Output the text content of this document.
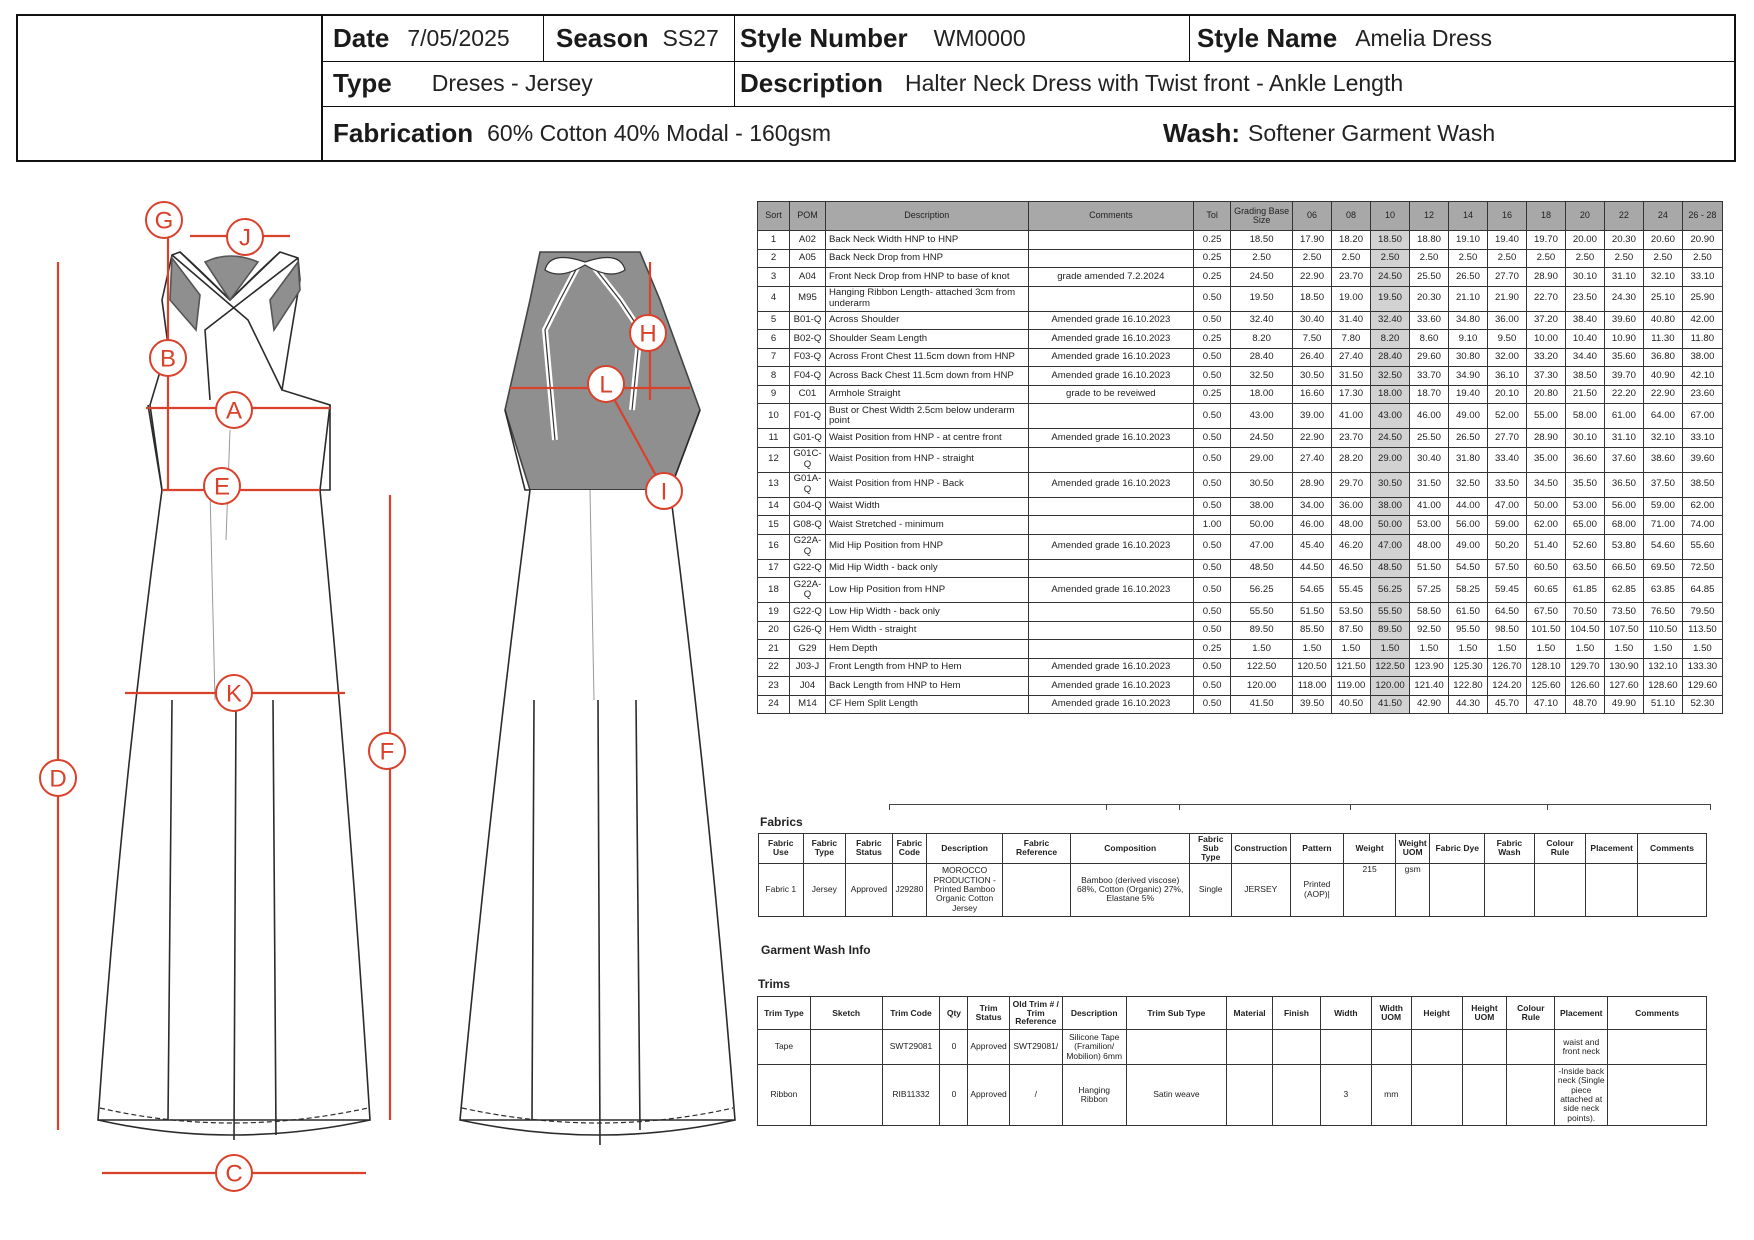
Date 7/05/2025 Season SS27 Style Number WM0000	Style Name Amelia Dress
Type Dreses - Jersey	Description Halter Neck Dress with Twist front - Ankle Length
Fabrication 60% Cotton 40% Modal - 160gsm	Wash: Softener Garment Wash
G
J
B
A
E
K
D
F
C
H
L
I
Sort	POM	Description	Comments	Tol	Grading Base Size	06	08	10	12	14	16	18	20	22	24	26 - 28
1	A02	Back Neck Width HNP to HNP		0.25	18.50	17.90	18.20	18.50	18.80	19.10	19.40	19.70	20.00	20.30	20.60	20.90
2	A05	Back Neck Drop from HNP		0.25	2.50	2.50	2.50	2.50	2.50	2.50	2.50	2.50	2.50	2.50	2.50	2.50
3	A04	Front Neck Drop from HNP to base of knot	grade amended 7.2.2024	0.25	24.50	22.90	23.70	24.50	25.50	26.50	27.70	28.90	30.10	31.10	32.10	33.10
4	M95	Hanging Ribbon Length- attached 3cm from underarm		0.50	19.50	18.50	19.00	19.50	20.30	21.10	21.90	22.70	23.50	24.30	25.10	25.90
5	B01-Q	Across Shoulder	Amended grade 16.10.2023	0.50	32.40	30.40	31.40	32.40	33.60	34.80	36.00	37.20	38.40	39.60	40.80	42.00
6	B02-Q	Shoulder Seam Length	Amended grade 16.10.2023	0.25	8.20	7.50	7.80	8.20	8.60	9.10	9.50	10.00	10.40	10.90	11.30	11.80
7	F03-Q	Across Front Chest 11.5cm down from HNP	Amended grade 16.10.2023	0.50	28.40	26.40	27.40	28.40	29.60	30.80	32.00	33.20	34.40	35.60	36.80	38.00
8	F04-Q	Across Back Chest 11.5cm down from HNP	Amended grade 16.10.2023	0.50	32.50	30.50	31.50	32.50	33.70	34.90	36.10	37.30	38.50	39.70	40.90	42.10
9	C01	Armhole Straight	grade to be reveiwed	0.25	18.00	16.60	17.30	18.00	18.70	19.40	20.10	20.80	21.50	22.20	22.90	23.60
10	F01-Q	Bust or Chest Width 2.5cm below underarm point		0.50	43.00	39.00	41.00	43.00	46.00	49.00	52.00	55.00	58.00	61.00	64.00	67.00
11	G01-Q	Waist Position from HNP - at centre front	Amended grade 16.10.2023	0.50	24.50	22.90	23.70	24.50	25.50	26.50	27.70	28.90	30.10	31.10	32.10	33.10
12	G01C-Q	Waist Position from HNP - straight		0.50	29.00	27.40	28.20	29.00	30.40	31.80	33.40	35.00	36.60	37.60	38.60	39.60
13	G01A-Q	Waist Position from HNP - Back	Amended grade 16.10.2023	0.50	30.50	28.90	29.70	30.50	31.50	32.50	33.50	34.50	35.50	36.50	37.50	38.50
14	G04-Q	Waist Width		0.50	38.00	34.00	36.00	38.00	41.00	44.00	47.00	50.00	53.00	56.00	59.00	62.00
15	G08-Q	Waist Stretched - minimum		1.00	50.00	46.00	48.00	50.00	53.00	56.00	59.00	62.00	65.00	68.00	71.00	74.00
16	G22A-Q	Mid Hip Position from HNP	Amended grade 16.10.2023	0.50	47.00	45.40	46.20	47.00	48.00	49.00	50.20	51.40	52.60	53.80	54.60	55.60
17	G22-Q	Mid Hip Width - back only		0.50	48.50	44.50	46.50	48.50	51.50	54.50	57.50	60.50	63.50	66.50	69.50	72.50
18	G22A-Q	Low Hip Position from HNP	Amended grade 16.10.2023	0.50	56.25	54.65	55.45	56.25	57.25	58.25	59.45	60.65	61.85	62.85	63.85	64.85
19	G22-Q	Low Hip Width - back only		0.50	55.50	51.50	53.50	55.50	58.50	61.50	64.50	67.50	70.50	73.50	76.50	79.50
20	G26-Q	Hem Width - straight		0.50	89.50	85.50	87.50	89.50	92.50	95.50	98.50	101.50	104.50	107.50	110.50	113.50
21	G29	Hem Depth		0.25	1.50	1.50	1.50	1.50	1.50	1.50	1.50	1.50	1.50	1.50	1.50	1.50
22	J03-J	Front Length from HNP to Hem	Amended grade 16.10.2023	0.50	122.50	120.50	121.50	122.50	123.90	125.30	126.70	128.10	129.70	130.90	132.10	133.30
23	J04	Back Length from HNP to Hem	Amended grade 16.10.2023	0.50	120.00	118.00	119.00	120.00	121.40	122.80	124.20	125.60	126.60	127.60	128.60	129.60
24	M14	CF Hem Split Length	Amended grade 16.10.2023	0.50	41.50	39.50	40.50	41.50	42.90	44.30	45.70	47.10	48.70	49.90	51.10	52.30
Fabrics
Fabric Use	Fabric Type	Fabric Status	Fabric Code	Description	Fabric Reference	Composition	Fabric Sub Type	Construction	Pattern	Weight	Weight UOM	Fabric Dye	Fabric Wash	Colour Rule	Placement	Comments
Fabric 1	Jersey	Approved	J29280	MOROCCO PRODUCTION - Printed Bamboo Organic Cotton Jersey		Bamboo (derived viscose) 68%, Cotton (Organic) 27%, Elastane 5%	Single	JERSEY	Printed (AOP)|	215	gsm					
Garment Wash Info
Trims
Trim Type	Sketch	Trim Code	Qty	Trim Status	Old Trim # / Trim Reference	Description	Trim Sub Type	Material	Finish	Width	Width UOM	Height	Height UOM	Colour Rule	Placement	Comments
Tape		SWT29081	0	Approved	SWT29081/	Silicone Tape (Framilion/ Mobilion) 6mm									waist and front neck	
Ribbon		RIB11332	0	Approved	/	Hanging Ribbon	Satin weave			3	mm				-Inside back neck (Single piece attached at side neck points).	
